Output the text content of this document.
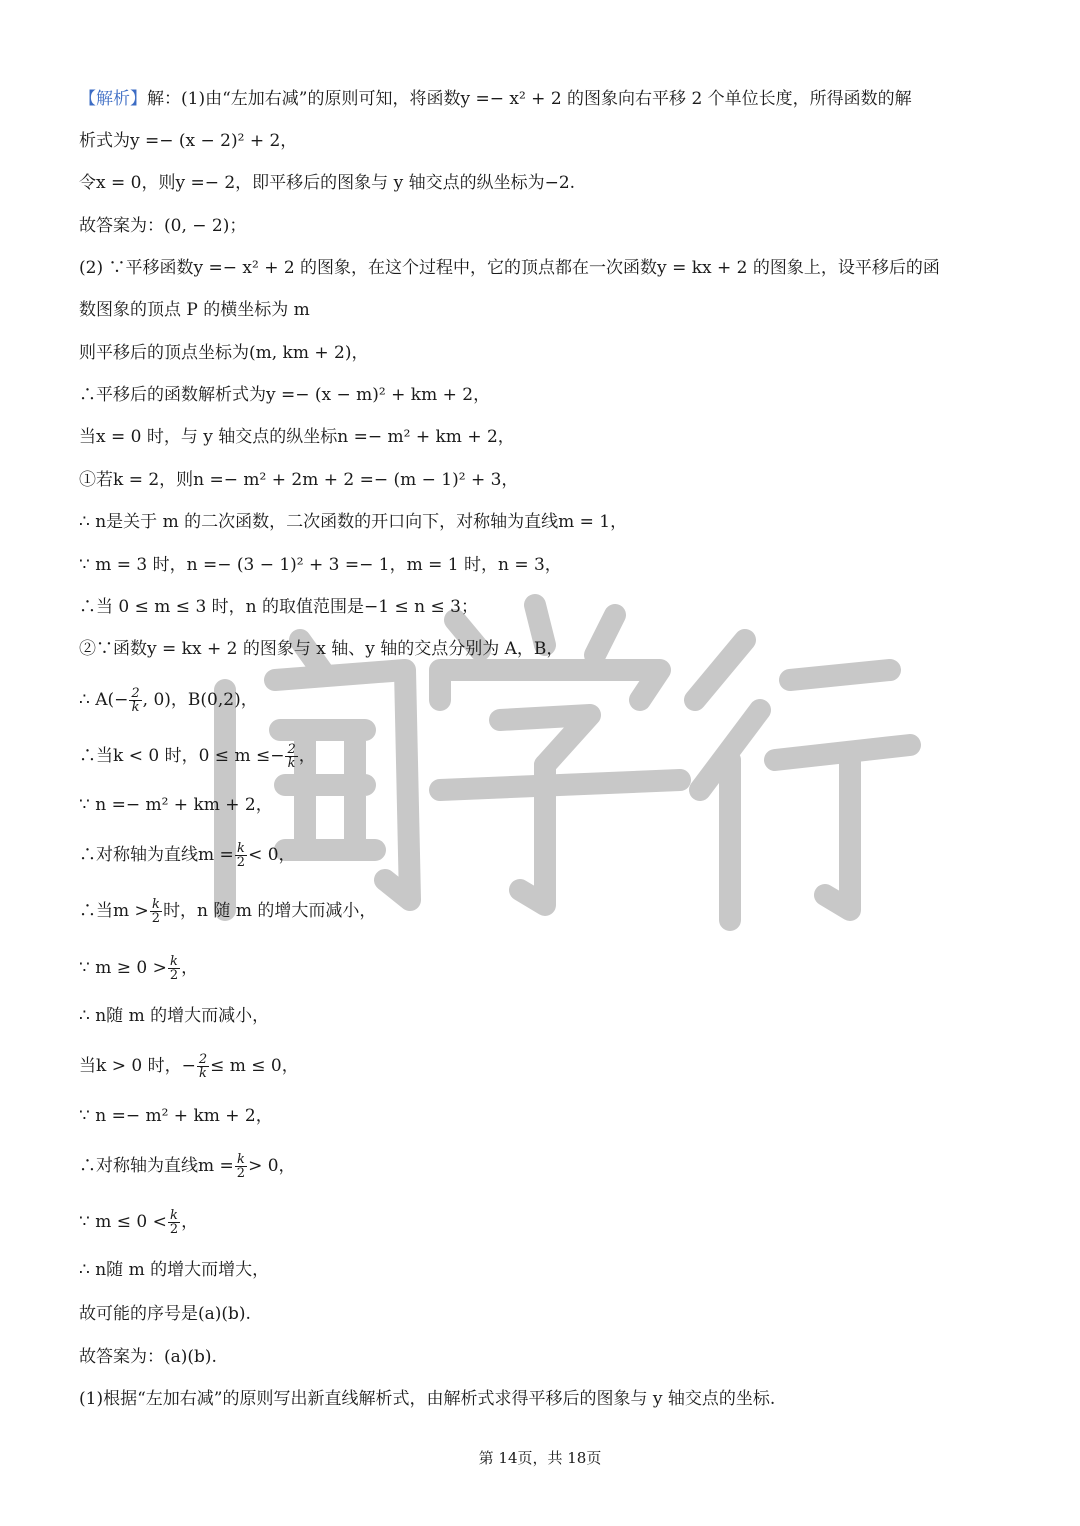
【解析】解：(1)由“左加右减”的原则可知，将函数y =− x² + 2 的图象向右平移 2 个单位长度，所得函数的解
析式为y =− (x − 2)² + 2，
令x = 0，则y =− 2，即平移后的图象与 y 轴交点的纵坐标为−2.
故答案为：(0, − 2)；
(2) ∵平移函数y =− x² + 2 的图象，在这个过程中，它的顶点都在一次函数y = kx + 2 的图象上，设平移后的函
数图象的顶点 P 的横坐标为 m
则平移后的顶点坐标为(m, km + 2)，
∴平移后的函数解析式为y =− (x − m)² + km + 2，
当x = 0 时，与 y 轴交点的纵坐标n =− m² + km + 2，
①若k = 2，则n =− m² + 2m + 2 =− (m − 1)² + 3，
∴ n是关于 m 的二次函数，二次函数的开口向下，对称轴为直线m = 1，
∵ m = 3 时，n =− (3 − 1)² + 3 =− 1，m = 1 时，n = 3，
∴当 0 ≤ m ≤ 3 时，n 的取值范围是−1 ≤ n ≤ 3；
②∵函数y = kx + 2 的图象与 x 轴、y 轴的交点分别为 A，B，
∴ $A(- \frac{2}{k}$ , 0)，B(0,2)，
∴当k < 0 时，$0 \le m \le- \frac{2}{k}$ ，
∵ n =− m² + km + 2，
∴对称轴为直线$m = \frac{k}{2} < 0$，
∴当$m > \frac{k}{2}$ 时，n 随 m 的增大而减小，
∵ $m \ge 0 > \frac{k}{2}$ ，
∴ n随 m 的增大而减小，
当k > 0 时，− $\frac{2}{k} \le m \le 0$，
∵ n =− m² + km + 2，
∴对称轴为直线$m = \frac{k}{2} > 0$，
∵ $m \le 0 < \frac{k}{2}$ ，
∴ n随 m 的增大而增大，
故可能的序号是(a)(b).
故答案为：(a)(b).
(1)根据“左加右减”的原则写出新直线解析式，由解析式求得平移后的图象与 y 轴交点的坐标.
第 14页，共 18页
